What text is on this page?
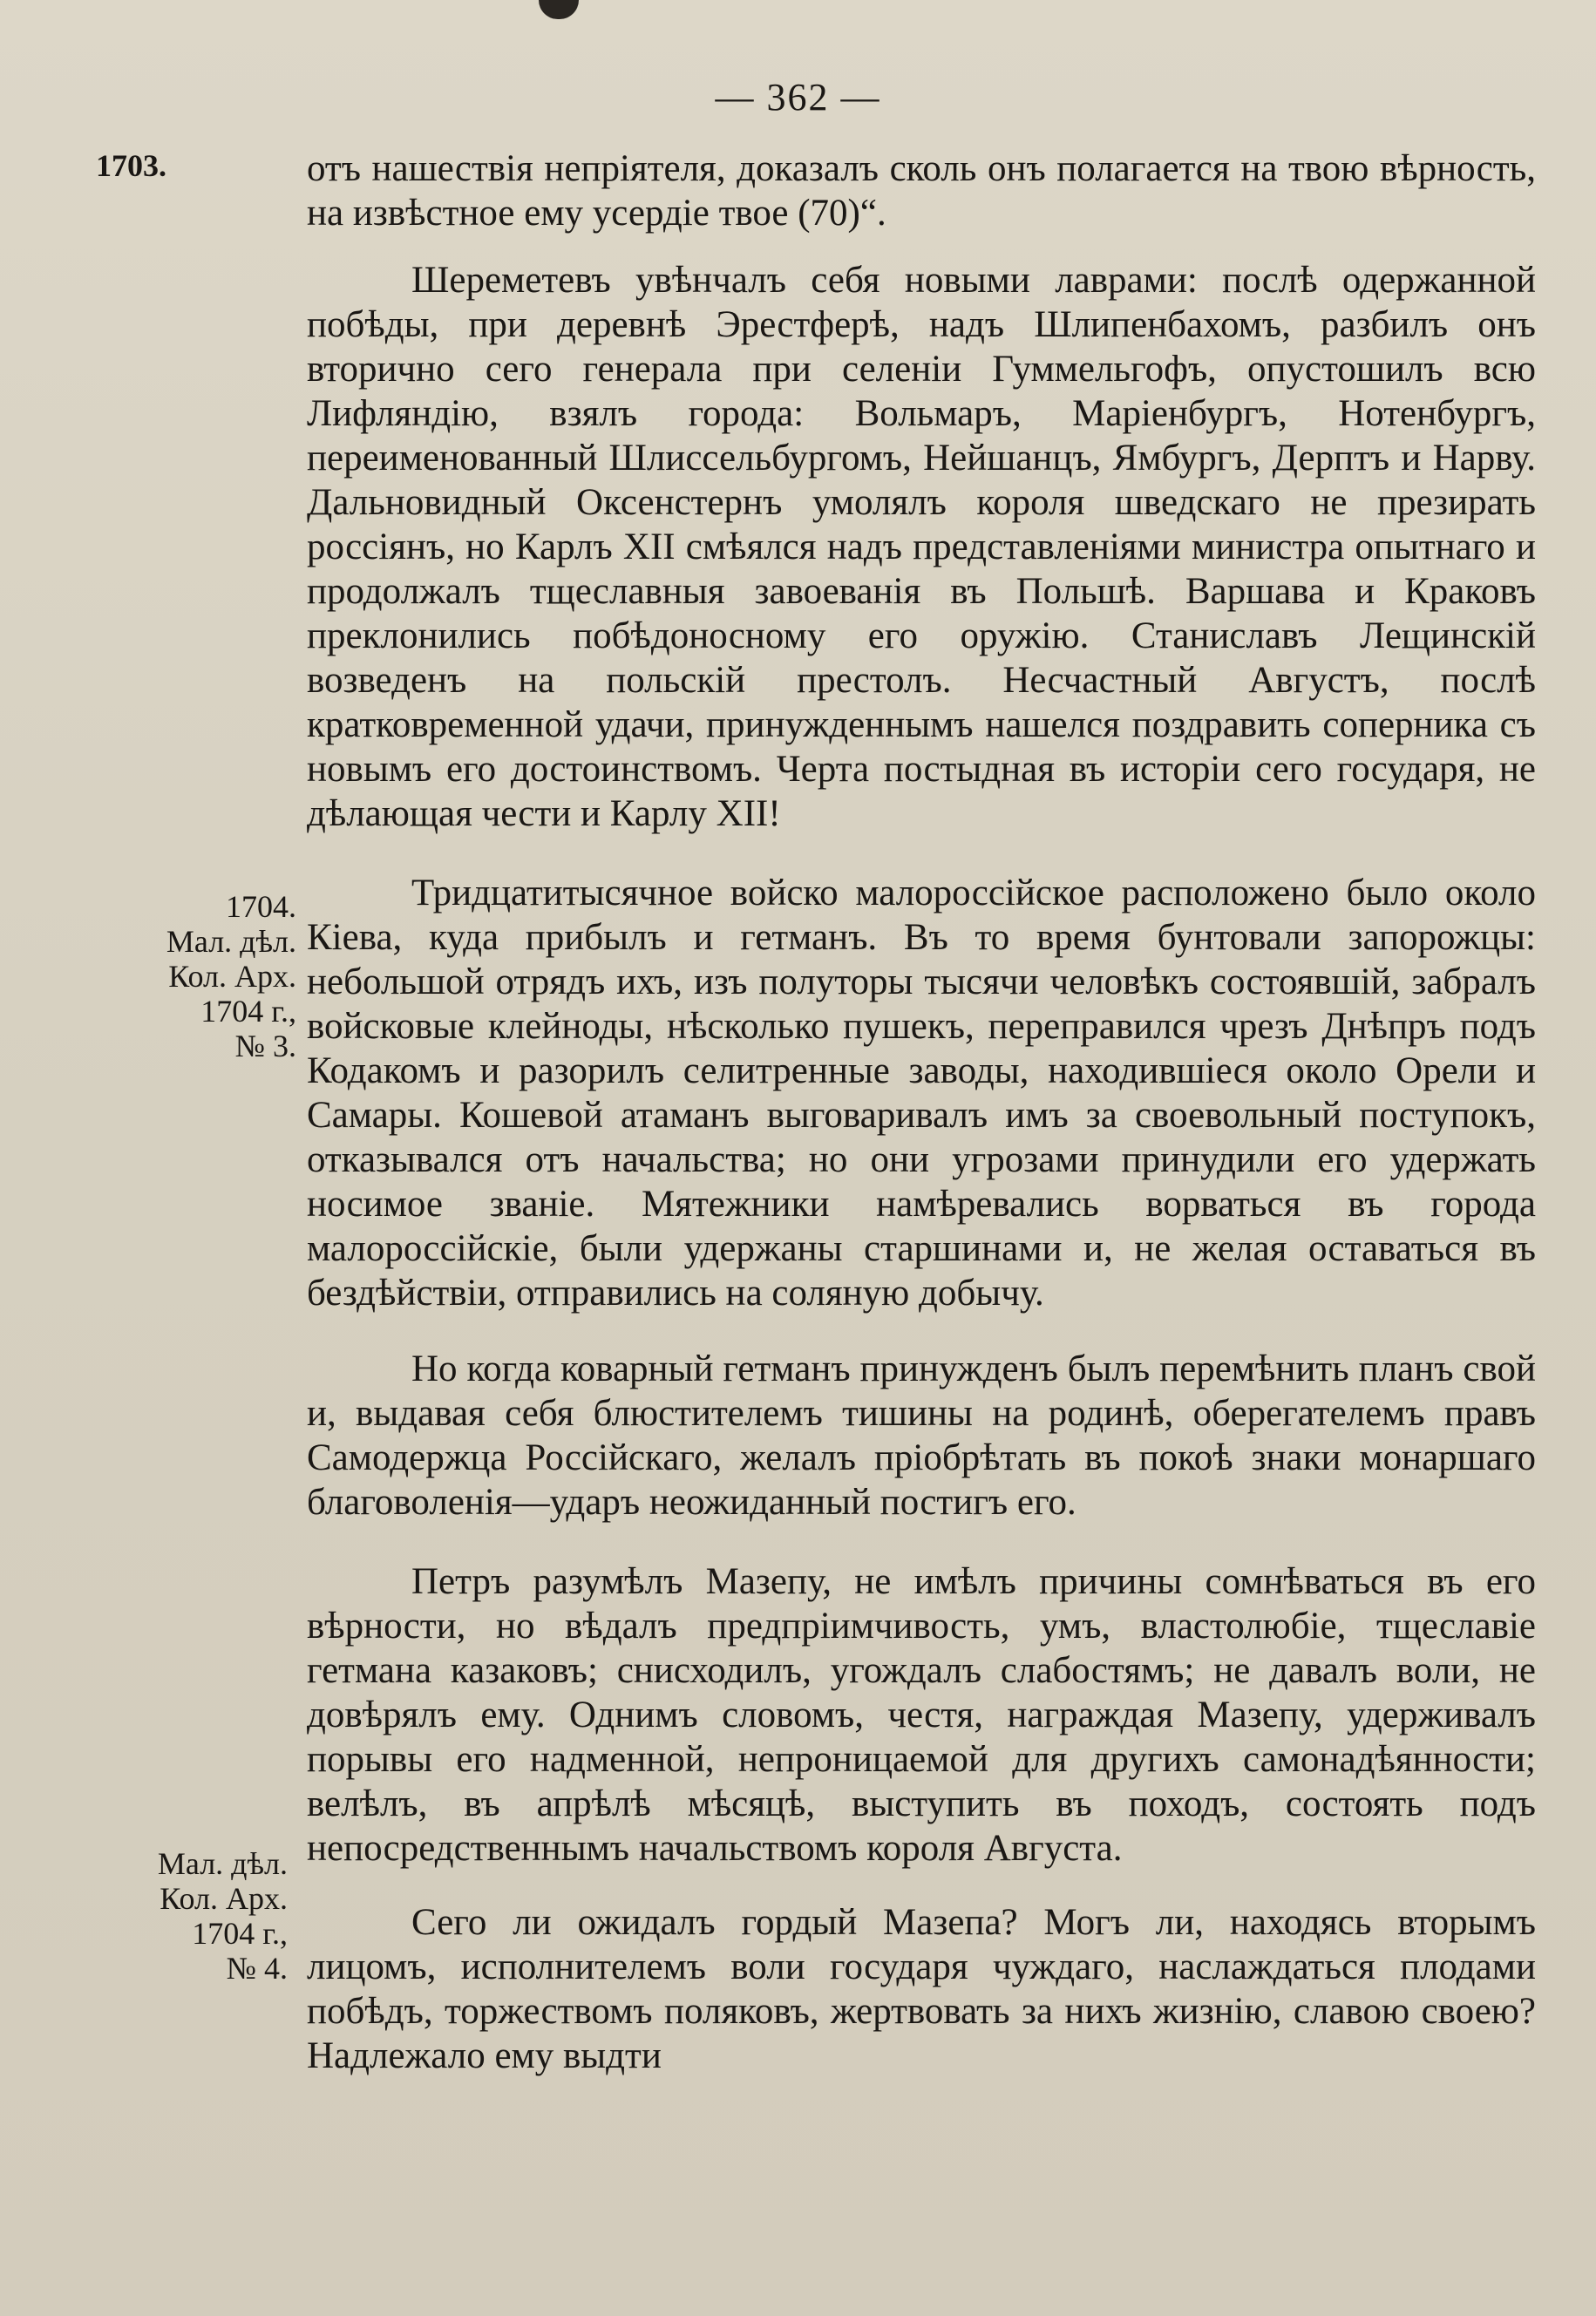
— 362 —
1703.
1704.
Мал. дѣл.
Кол. Арх.
1704 г.,
№ 3.
Мал. дѣл.
Кол. Арх.
1704 г.,
№ 4.

отъ нашествія непріятеля, доказалъ сколь онъ полагается на твою вѣрность, на извѣстное ему усердіе твое (70)“.

Шереметевъ увѣнчалъ себя новыми лаврами: послѣ одержанной побѣды, при деревнѣ Эрестферѣ, надъ Шлипенбахомъ, разбилъ онъ вторично сего генерала при селеніи Гуммельгофъ, опустошилъ всю Лифляндію, взялъ города: Вольмаръ, Маріенбургъ, Нотенбургъ, переименованный Шлиссельбургомъ, Нейшанцъ, Ямбургъ, Дерптъ и Нарву. Дальновидный Оксенстернъ умолялъ короля шведскаго не презирать россіянъ, но Карлъ XII смѣялся надъ представленіями министра опытнаго и продолжалъ тщеславныя завоеванія въ Польшѣ. Варшава и Краковъ преклонились побѣдоносному его оружію. Станиславъ Лещинскій возведенъ на польскій престолъ. Несчастный Августъ, послѣ кратковременной удачи, принужденнымъ нашелся поздравить соперника съ новымъ его достоинствомъ. Черта постыдная въ исторіи сего государя, не дѣлающая чести и Карлу XII!

Тридцатитысячное войско малороссійское расположено было около Кіева, куда прибылъ и гетманъ. Въ то время бунтовали запорожцы: небольшой отрядъ ихъ, изъ полуторы тысячи человѣкъ состоявшій, забралъ войсковые клейноды, нѣсколько пушекъ, переправился чрезъ Днѣпръ подъ Кодакомъ и разорилъ селитренные заводы, находившіеся около Орели и Самары. Кошевой атаманъ выговаривалъ имъ за своевольный поступокъ, отказывался отъ начальства; но они угрозами принудили его удержать носимое званіе. Мятежники намѣревались ворваться въ города малороссійскіе, были удержаны старшинами и, не желая оставаться въ бездѣйствіи, отправились на соляную добычу.

Но когда коварный гетманъ принужденъ былъ перемѣнить планъ свой и, выдавая себя блюстителемъ тишины на родинѣ, оберегателемъ правъ Самодержца Россійскаго, желалъ пріобрѣтать въ покоѣ знаки монаршаго благоволенія—ударъ неожиданный постигъ его.

Петръ разумѣлъ Мазепу, не имѣлъ причины сомнѣваться въ его вѣрности, но вѣдалъ предпріимчивость, умъ, властолюбіе, тщеславіе гетмана казаковъ; снисходилъ, угождалъ слабостямъ; не давалъ воли, не довѣрялъ ему. Однимъ словомъ, честя, награждая Мазепу, удерживалъ порывы его надменной, непроницаемой для другихъ самонадѣянности; велѣлъ, въ апрѣлѣ мѣсяцѣ, выступить въ походъ, состоять подъ непосредственнымъ начальствомъ короля Августа.

Сего ли ожидалъ гордый Мазепа? Могъ ли, находясь вторымъ лицомъ, исполнителемъ воли государя чуждаго, наслаждаться плодами побѣдъ, торжествомъ поляковъ, жертвовать за нихъ жизнію, славою своею? Надлежало ему выдти
